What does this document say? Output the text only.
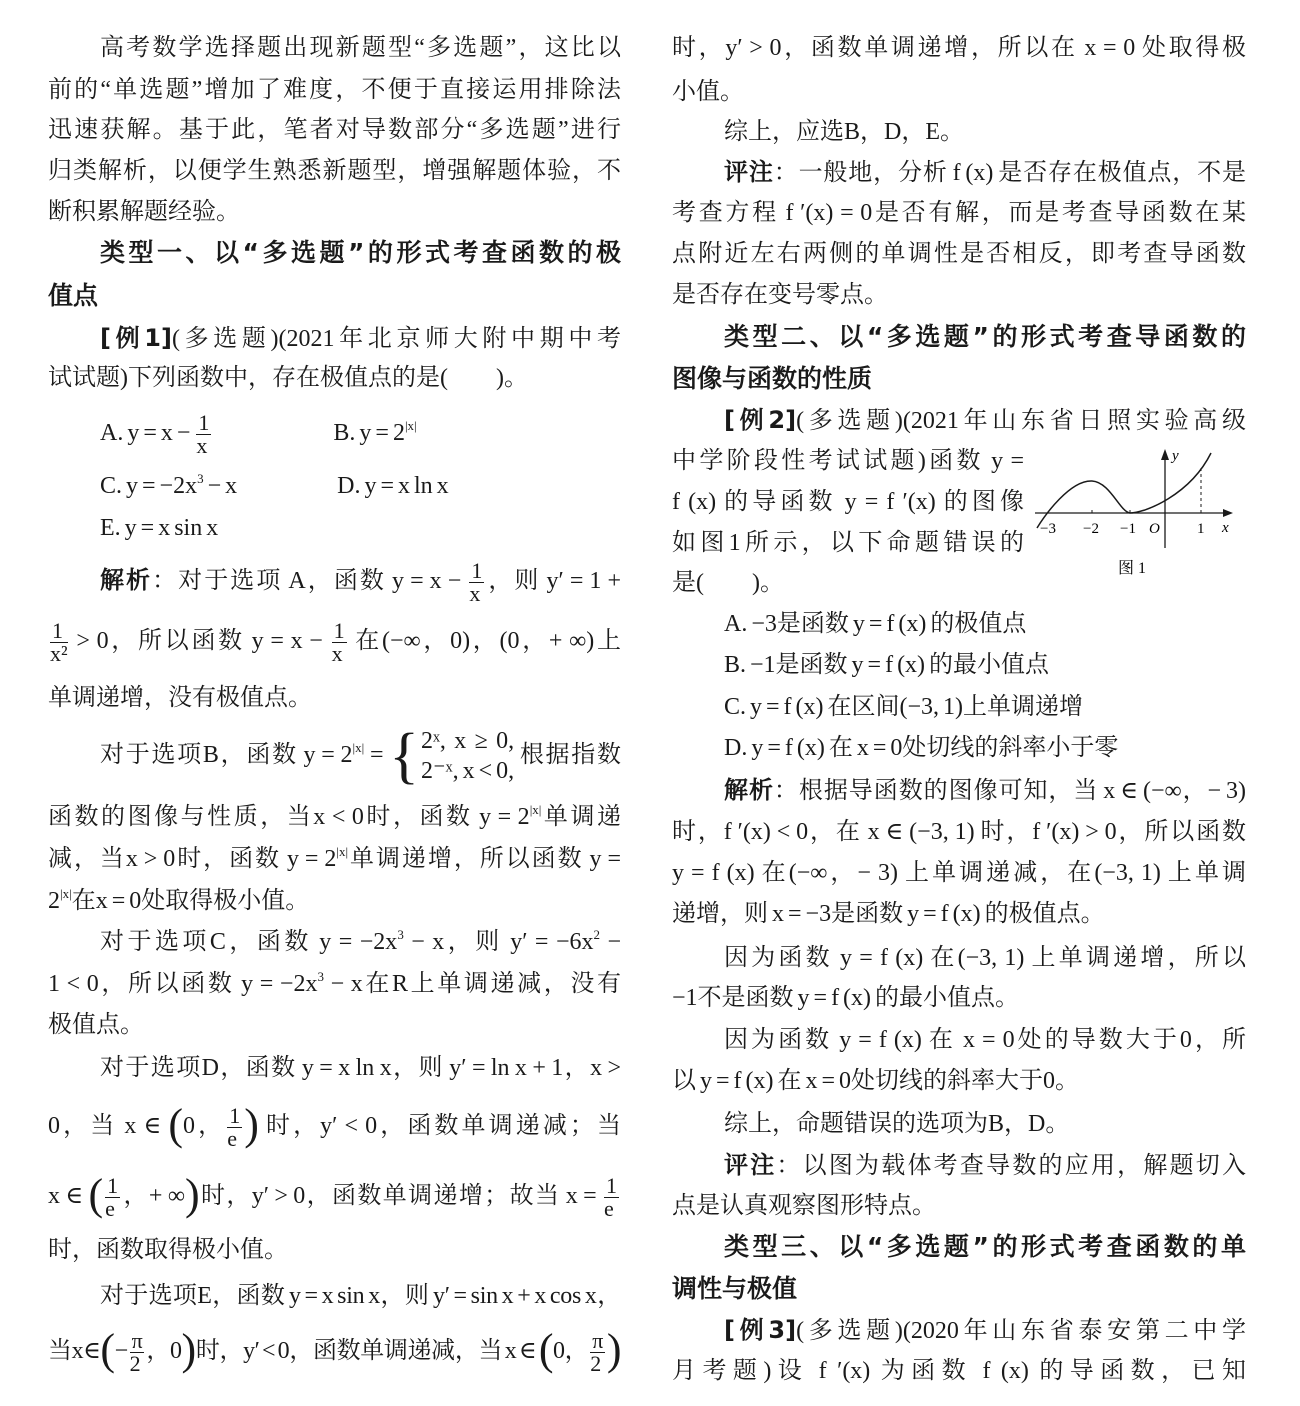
高考数学选择题出现新题型“多选题”，这比以
前的“单选题”增加了难度，不便于直接运用排除法
迅速获解。基于此，笔者对导数部分“多选题”进行
归类解析，以便学生熟悉新题型，增强解题体验，不
断积累解题经验。
类型一、以“多选题”的形式考查函数的极
值点
[例1](多选题)(2021年北京师大附中期中考
试试题)下列函数中，存在极值点的是(　　)。
A. $y = x - \frac{1}{x}$ 　　　　　B. $y = 2^{|x|}$
C. $y = -2x^3 - x$　　　　 D. y = x ln x
E. y = x sin x
解析：对于选项 A，函数 $y = x - \frac{1}{x}$ ，则 y′ = 1 +
$\frac{1}{\text{x²}} > 0$，所以函数 $y = x - \frac{1}{x}$ 在(−∞，0)，(0，+ ∞)上
单调递增，没有极值点。
对于选项B，函数 $y = 2^{|x|}$ = { 2ˣ, x ≥ 0,
2⁻ˣ, x < 0,
根据指数
函数的图像与性质，当x < 0时，函数 $y = 2^{|x|}$单调递
减，当x > 0时，函数 $y = 2^{|x|}$单调递增，所以函数 y =
$2^{|x|}$在x = 0处取得极小值。
对于选项C，函数 $y = -2x^3 - x$，则 $y' = -6x^2$ −
1 < 0，所以函数 $y = -2x^3 - x$在R上单调递减，没有
极值点。
对于选项D，函数 y = x ln x，则 y′ = ln x + 1，x >
0，当 x ∈ (0， $\frac{1}{e}$ ) 时，y′ < 0，函数单调递减；当
x ∈ ( $\frac{1}{e}$ ，+ ∞)时，y′ > 0，函数单调递增；故当 $x = \frac{1}{e}$
时，函数取得极小值。
对于选项E，函数 y = x sin x，则 y′ = sin x + x cos x，
当x∈(− $\frac{\pi}{2}$ ，0)时，y′ < 0，函数单调递减，当 x ∈ (0， $\frac{\pi}{2}$ )
时，y′ > 0，函数单调递增，所以在 x = 0 处取得极
小值。
综上，应选B，D，E。
评注：一般地，分析 f (x) 是否存在极值点，不是
考查方程 f ′(x) = 0是否有解，而是考查导函数在某
点附近左右两侧的单调性是否相反，即考查导函数
是否存在变号零点。
类型二、以“多选题”的形式考查导函数的
图像与函数的性质
[例2](多选题)(2021年山东省日照实验高级
中学阶段性考试试题)函数 y =
f (x) 的导函数 y = f ′(x) 的图像
如图1所示，以下命题错误的
是(　　)。
A. −3是函数 y = f (x) 的极值点
B. −1是函数 y = f (x) 的最小值点
C. y = f (x) 在区间(−3, 1)上单调递增
D. y = f (x) 在 x = 0处切线的斜率小于零
解析：根据导函数的图像可知，当 x ∈ (−∞，− 3)
时，f ′(x) < 0，在 x ∈ (−3, 1) 时，f ′(x) > 0，所以函数
y = f (x) 在(−∞，− 3) 上单调递减，在(−3, 1) 上单调
递增，则 x = −3是函数 y = f (x) 的极值点。
因为函数 y = f (x) 在(−3, 1) 上单调递增，所以
−1不是函数 y = f (x) 的最小值点。
因为函数 y = f (x) 在 x = 0处的导数大于0，所
以 y = f (x) 在 x = 0处切线的斜率大于0。
综上，命题错误的选项为B，D。
评注：以图为载体考查导数的应用，解题切入
点是认真观察图形特点。
类型三、以“多选题”的形式考查函数的单
调性与极值
[例3](多选题)(2020年山东省泰安第二中学
月考题)设 f ′(x) 为函数 f (x) 的导函数，已知
−3 −2 −1 O 1 x
y
图 1
